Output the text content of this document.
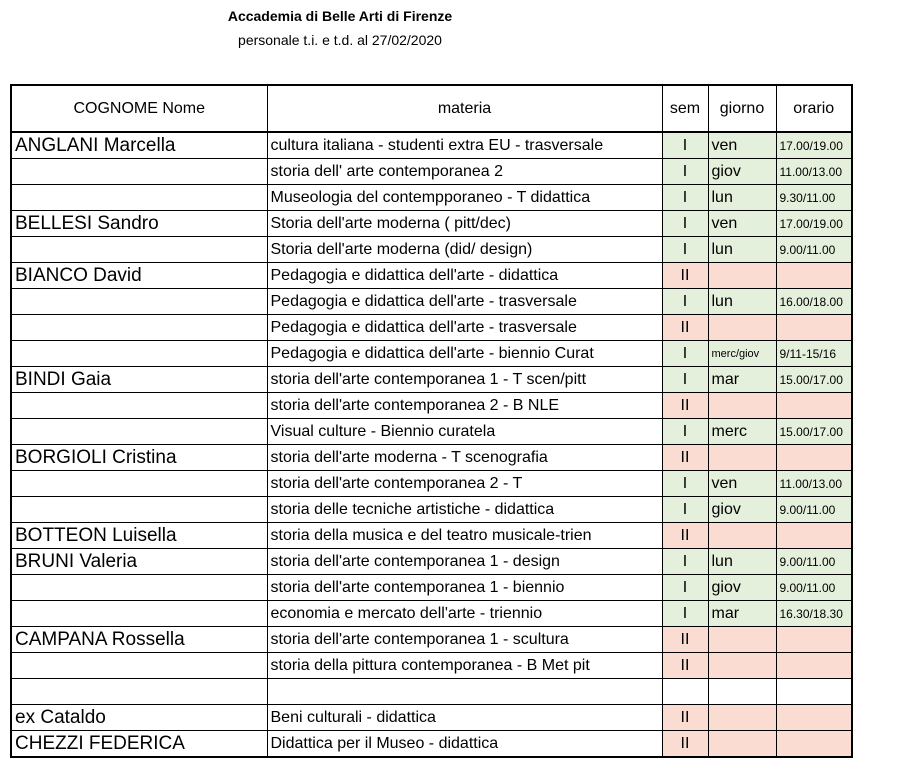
Accademia di Belle Arti di Firenze
personale t.i. e t.d. al 27/02/2020
COGNOME Nome	materia	sem	giorno	orario
ANGLANI Marcella	cultura italiana - studenti extra EU - trasversale	I	ven	17.00/19.00
	storia dell' arte contemporanea 2	I	giov	11.00/13.00
	Museologia del contempporaneo - T didattica	I	lun	9.30/11.00
BELLESI Sandro	Storia dell'arte moderna ( pitt/dec)	I	ven	17.00/19.00
	Storia dell'arte moderna (did/ design)	I	lun	9.00/11.00
BIANCO David	Pedagogia e didattica dell'arte - didattica	II		
	Pedagogia e didattica dell'arte - trasversale	I	lun	16.00/18.00
	Pedagogia e didattica dell'arte - trasversale	II		
	Pedagogia e didattica dell'arte - biennio Curat	I	merc/giov	9/11-15/16
BINDI Gaia	storia dell'arte contemporanea 1 - T scen/pitt	I	mar	15.00/17.00
	storia dell'arte contemporanea 2 - B NLE	II		
	Visual culture - Biennio curatela	I	merc	15.00/17.00
BORGIOLI Cristina	storia dell'arte moderna - T scenografia	II		
	storia dell'arte contemporanea 2 - T	I	ven	11.00/13.00
	storia delle tecniche artistiche - didattica	I	giov	9.00/11.00
BOTTEON Luisella	storia della musica e del teatro musicale-trien	II		
BRUNI Valeria	storia dell'arte contemporanea 1 - design	I	lun	9.00/11.00
	storia dell'arte contemporanea 1 - biennio	I	giov	9.00/11.00
	economia e mercato dell'arte - triennio	I	mar	16.30/18.30
CAMPANA Rossella	storia dell'arte contemporanea 1 - scultura	II		
	storia della pittura contemporanea - B Met pit	II		

ex Cataldo	Beni culturali - didattica	II		
CHEZZI FEDERICA	Didattica per il Museo - didattica	II		
